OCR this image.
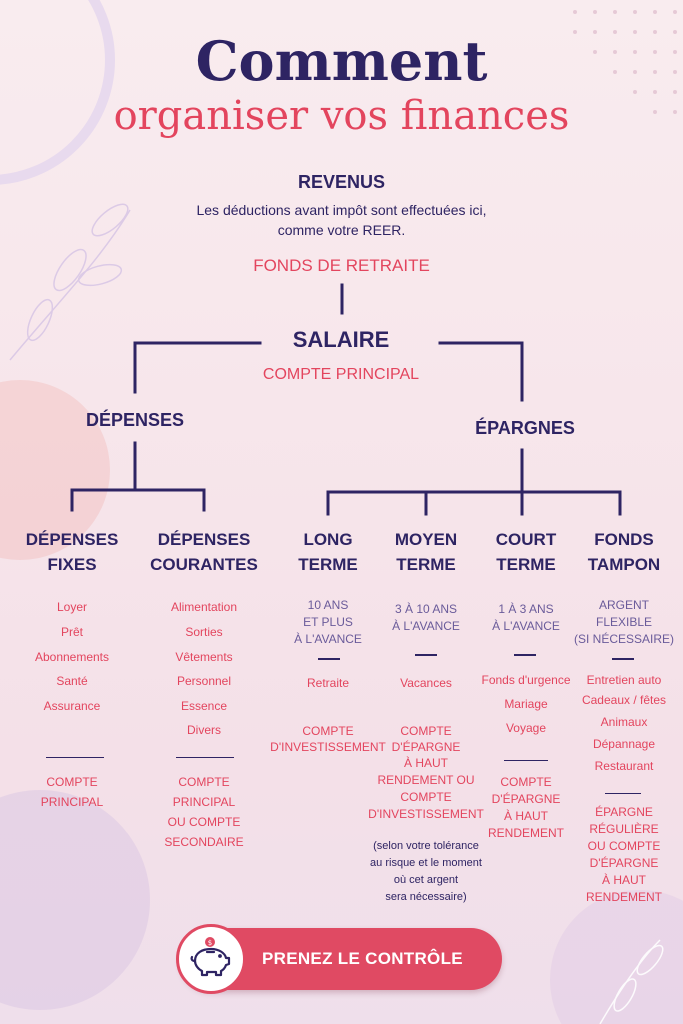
Comment
organiser vos finances
REVENUS
Les déductions avant impôt sont effectuées ici,
comme votre REER.
FONDS DE RETRAITE
SALAIRE
COMPTE PRINCIPAL
DÉPENSES	ÉPARGNES
DÉPENSES
FIXES
Loyer
Prêt
Abonnements
Santé
Assurance
COMPTE
PRINCIPAL
DÉPENSES
COURANTES
Alimentation
Sorties
Vêtements
Personnel
Essence
Divers
COMPTE
PRINCIPAL
OU COMPTE
SECONDAIRE
LONG
TERME
10 ANS
ET PLUS
À L'AVANCE
Retraite
COMPTE
D'INVESTISSEMENT
MOYEN
TERME
3 À 10 ANS
À L'AVANCE
Vacances
COMPTE
D'ÉPARGNE
À HAUT
RENDEMENT OU
COMPTE
D'INVESTISSEMENT
(selon votre tolérance
au risque et le moment
où cet argent
sera nécessaire)
COURT
TERME
1 À 3 ANS
À L'AVANCE
Fonds d'urgence
Mariage
Voyage
COMPTE
D'ÉPARGNE
À HAUT
RENDEMENT
FONDS
TAMPON
ARGENT
FLEXIBLE
(SI NÉCESSAIRE)
Entretien auto
Cadeaux / fêtes
Animaux
Dépannage
Restaurant
ÉPARGNE
RÉGULIÈRE
OU COMPTE
D'ÉPARGNE
À HAUT
RENDEMENT
$
PRENEZ LE CONTRÔLE
